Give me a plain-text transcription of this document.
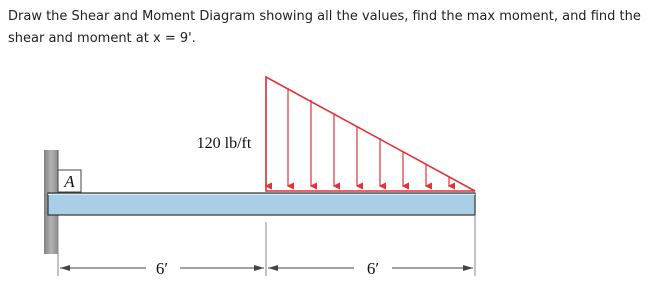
Draw the Shear and Moment Diagram showing all the values, find the max moment, and find the shear and moment at x = 9'.

A
120 lb/ft
6′	6′
